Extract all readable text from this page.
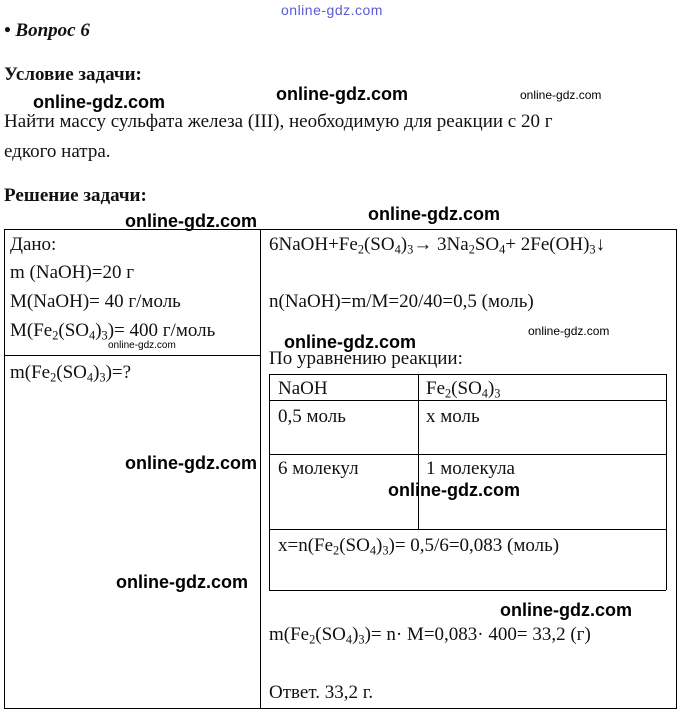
online-gdz.com
• Вопрос 6
Условие задачи:
Найти массу сульфата железа (III), необходимую для реакции с 20 г
едкого натра.
Решение задачи:
Дано:
m (NaOH)=20 г
M(NaOH)= 40 г/моль
$M(Fe_2(SO_4)_3)= 400$ г/моль
$m(Fe_2(SO_4)_3)=$?
$6NaOH+Fe_2(SO_4)_3\to 3Na_2SO_4+$ $2Fe(OH)_3↓$
n(NaOH)=m/M=20/40=0,5 (моль)
По уравнению реакции:
NaOH	$Fe_2(SO_4)_3$
0,5 моль	x моль
6 молекул	1 молекула
$x=n(Fe_2(SO_4)_3)= 0,5/6=0,083$ (моль)
$m(Fe_2(SO_4)_3)= n\cdot M=0,083\cdot 400= 33,2$ (г)
Ответ. 33,2 г.
online-gdz.com	online-gdz.com	online-gdz.com
online-gdz.com	online-gdz.com
online-gdz.com
online-gdz.com
online-gdz.com
online-gdz.com
online-gdz.com
online-gdz.com
online-gdz.com
